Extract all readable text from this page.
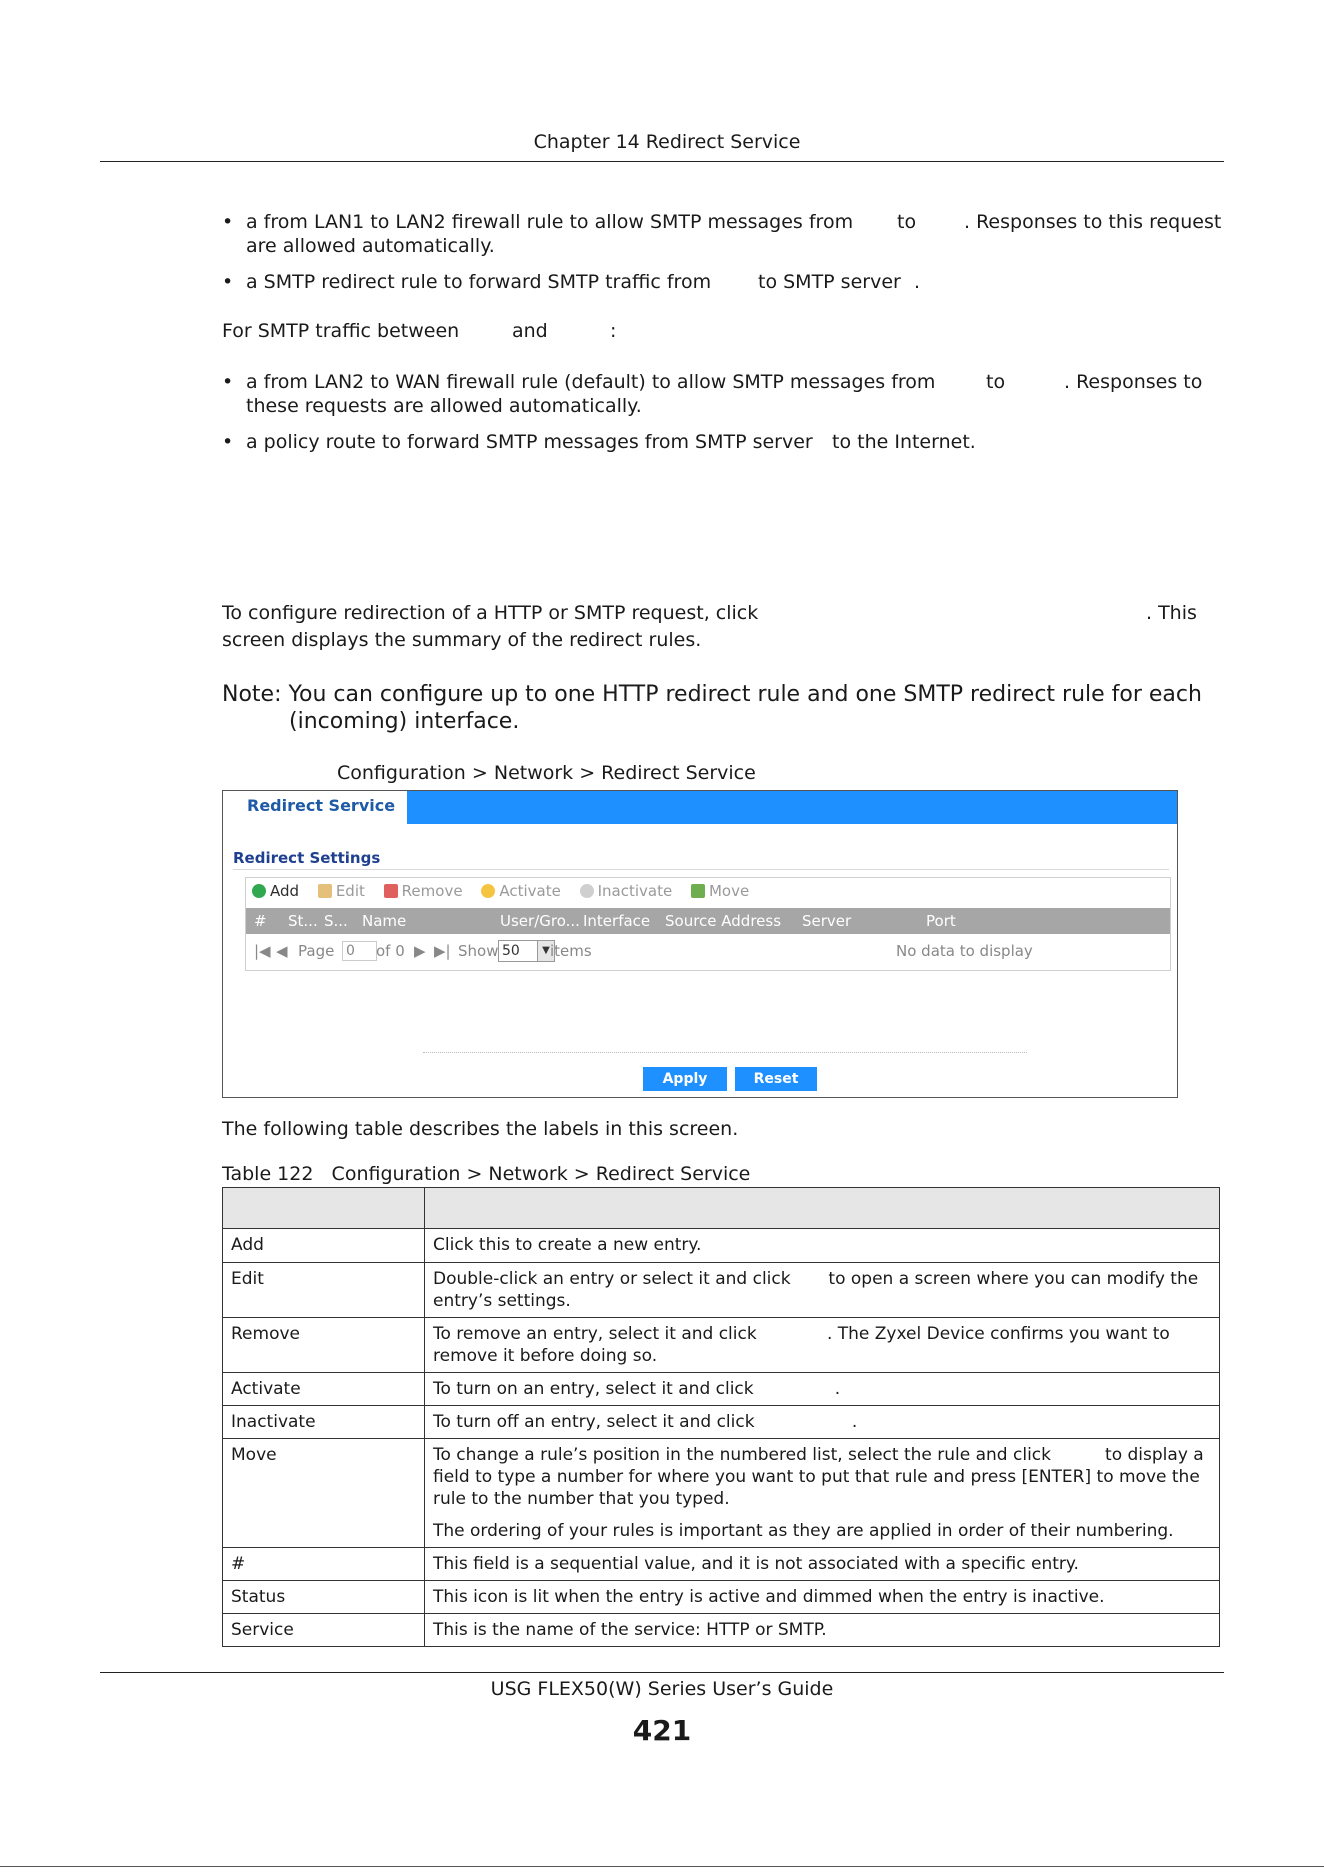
Chapter 14 Redirect Service
• a from LAN1 to LAN2 firewall rule to allow SMTP messages from to	. Responses to this request
are allowed automatically.
• a SMTP redirect rule to forward SMTP traffic from to SMTP server .
For SMTP traffic between	and	:
• a from LAN2 to WAN firewall rule (default) to allow SMTP messages from	to	. Responses to
these requests are allowed automatically.
• a policy route to forward SMTP messages from SMTP server to the Internet.
To configure redirection of a HTTP or SMTP request, click	. This
screen displays the summary of the redirect rules.
Note: You can configure up to one HTTP redirect rule and one SMTP redirect rule for each
(incoming) interface.
Configuration > Network > Redirect Service
Redirect Service
Redirect Settings
Add Edit Remove Activate Inactivate Move
# St... S... Name	User/Gro... Interface Source Address Server	Port
|◀ ◀ Page 0	of 0 ▶ ▶| Show 50	▼ items	No data to display
Apply	Reset
The following table describes the labels in this screen.
Table 122   Configuration > Network > Redirect Service

Add	Click this to create a new entry.
Edit	Double-click an entry or select it and click to open a screen where you can modify the
entry’s settings.
Remove	To remove an entry, select it and click . The Zyxel Device confirms you want to
remove it before doing so.
Activate	To turn on an entry, select it and click .
Inactivate	To turn off an entry, select it and click .
Move	To change a rule’s position in the numbered list, select the rule and click to display a
field to type a number for where you want to put that rule and press [ENTER] to move the
rule to the number that you typed.
The ordering of your rules is important as they are applied in order of their numbering.

#	This field is a sequential value, and it is not associated with a specific entry.
Status	This icon is lit when the entry is active and dimmed when the entry is inactive.
Service	This is the name of the service: HTTP or SMTP.
USG FLEX50(W) Series User’s Guide
421
